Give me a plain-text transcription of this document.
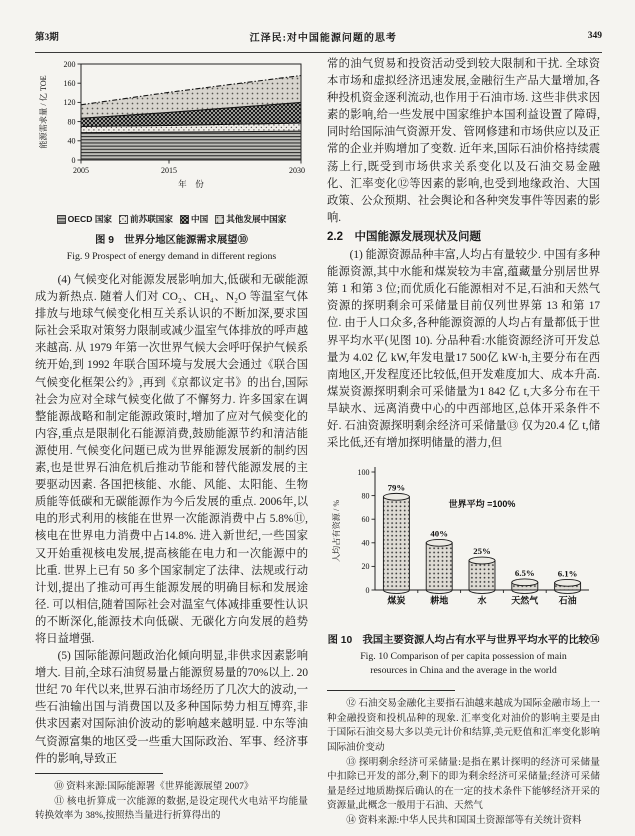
第3期	江泽民:对中国能源问题的思考	349
0
40
80
120
160
200
2005	2015	2030
年　份
能源需求量 / 亿 TOE
OECD 国家 前苏联国家 中国 其他发展中国家
图 9　世界分地区能源需求展望⑩
Fig. 9 Prospect of energy demand in different regions

(4) 气候变化对能源发展影响加大,低碳和无碳能源成为新热点. 随着人们对 CO₂、CH₄、N₂O 等温室气体排放与地球气候变化相互关系认识的不断加深,要求国际社会采取对策努力限制或减少温室气体排放的呼声越来越高. 从 1979 年第一次世界气候大会呼吁保护气候系统开始,到 1992 年联合国环境与发展大会通过《联合国气候变化框架公约》,再到《京都议定书》的出台,国际社会为应对全球气候变化做了不懈努力. 许多国家在调整能源战略和制定能源政策时,增加了应对气候变化的内容,重点是限制化石能源消费,鼓励能源节约和清洁能源使用. 气候变化问题已成为世界能源发展新的制约因素,也是世界石油危机后推动节能和替代能源发展的主要驱动因素. 各国把核能、水能、风能、太阳能、生物质能等低碳和无碳能源作为今后发展的重点. 2006年,以电的形式利用的核能在世界一次能源消费中占 5.8%⑪,核电在世界电力消费中占14.8%. 进入新世纪,一些国家又开始重视核电发展,提高核能在电力和一次能源中的比重. 世界上已有 50 多个国家制定了法律、法规或行动计划,提出了推动可再生能源发展的明确目标和发展途径. 可以相信,随着国际社会对温室气体减排重要性认识的不断深化,能源技术向低碳、无碳化方向发展的趋势将日益增强.

(5) 国际能源问题政治化倾向明显,非供求因素影响增大. 目前,全球石油贸易量占能源贸易量的70%以上. 20 世纪 70 年代以来,世界石油市场经历了几次大的波动,一些石油输出国与消费国以及多种国际势力相互博弈,非供求因素对国际油价波动的影响越来越明显. 中东等油气资源富集的地区受一些重大国际政治、军事、经济事件的影响,导致正

⑩ 资料来源:国际能源署《世界能源展望 2007》

⑪ 核电折算成一次能源的数据,是设定现代火电站平均能量转换效率为 38%,按照热当量进行折算得出的

常的油气贸易和投资活动受到较大限制和干扰. 全球资本市场和虚拟经济迅速发展,金融衍生产品大量增加,各种投机资金逐利流动,也作用于石油市场. 这些非供求因素的影响,给一些发展中国家维护本国利益设置了障碍,同时给国际油气资源开发、管网修建和市场供应以及正常的企业并购增加了变数. 近年来,国际石油价格持续震荡上行,既受到市场供求关系变化以及石油交易金融化、汇率变化⑫等因素的影响,也受到地缘政治、大国政策、公众预期、社会舆论和各种突发事件等因素的影响.

2.2　中国能源发展现状及问题

(1) 能源资源品种丰富,人均占有量较少. 中国有多种能源资源,其中水能和煤炭较为丰富,蕴藏量分别居世界第 1 和第 3 位;而优质化石能源相对不足,石油和天然气资源的探明剩余可采储量目前仅列世界第 13 和第 17 位. 由于人口众多,各种能源资源的人均占有量都低于世界平均水平(见图 10). 分品种看:水能资源经济可开发总量为 4.02 亿 kW,年发电量17 500亿 kW·h,主要分布在西南地区,开发程度还比较低,但开发难度加大、成本升高. 煤炭资源探明剩余可采储量为1 842 亿 t,大多分布在干旱缺水、远离消费中心的中西部地区,总体开采条件不好. 石油资源探明剩余经济可采储量⑬ 仅为20.4 亿 t,储采比低,还有增加探明储量的潜力,但

79%
40%
25%
6.5%	6.1%
0
20
40
60
80
100
煤炭	耕地	水	天然气 石油
世界平均 =100%
人均占有资源 / %
图 10　我国主要资源人均占有水平与世界平均水平的比较⑭
Fig. 10 Comparison of per capita possession of main
resources in China and the average in the world

⑫ 石油交易金融化主要指石油越来越成为国际金融市场上一种金融投资和投机品种的现象. 汇率变化对油价的影响主要是由于国际石油交易大多以美元计价和结算,美元贬值和汇率变化影响国际油价变动

⑬ 探明剩余经济可采储量:是指在累计探明的经济可采储量中扣除已开发的部分,剩下的即为剩余经济可采储量;经济可采储量是经过地质勘探后确认的在一定的技术条件下能够经济开采的资源量,此概念一般用于石油、天然气

⑭ 资料来源:中华人民共和国国土资源部等有关统计资料
